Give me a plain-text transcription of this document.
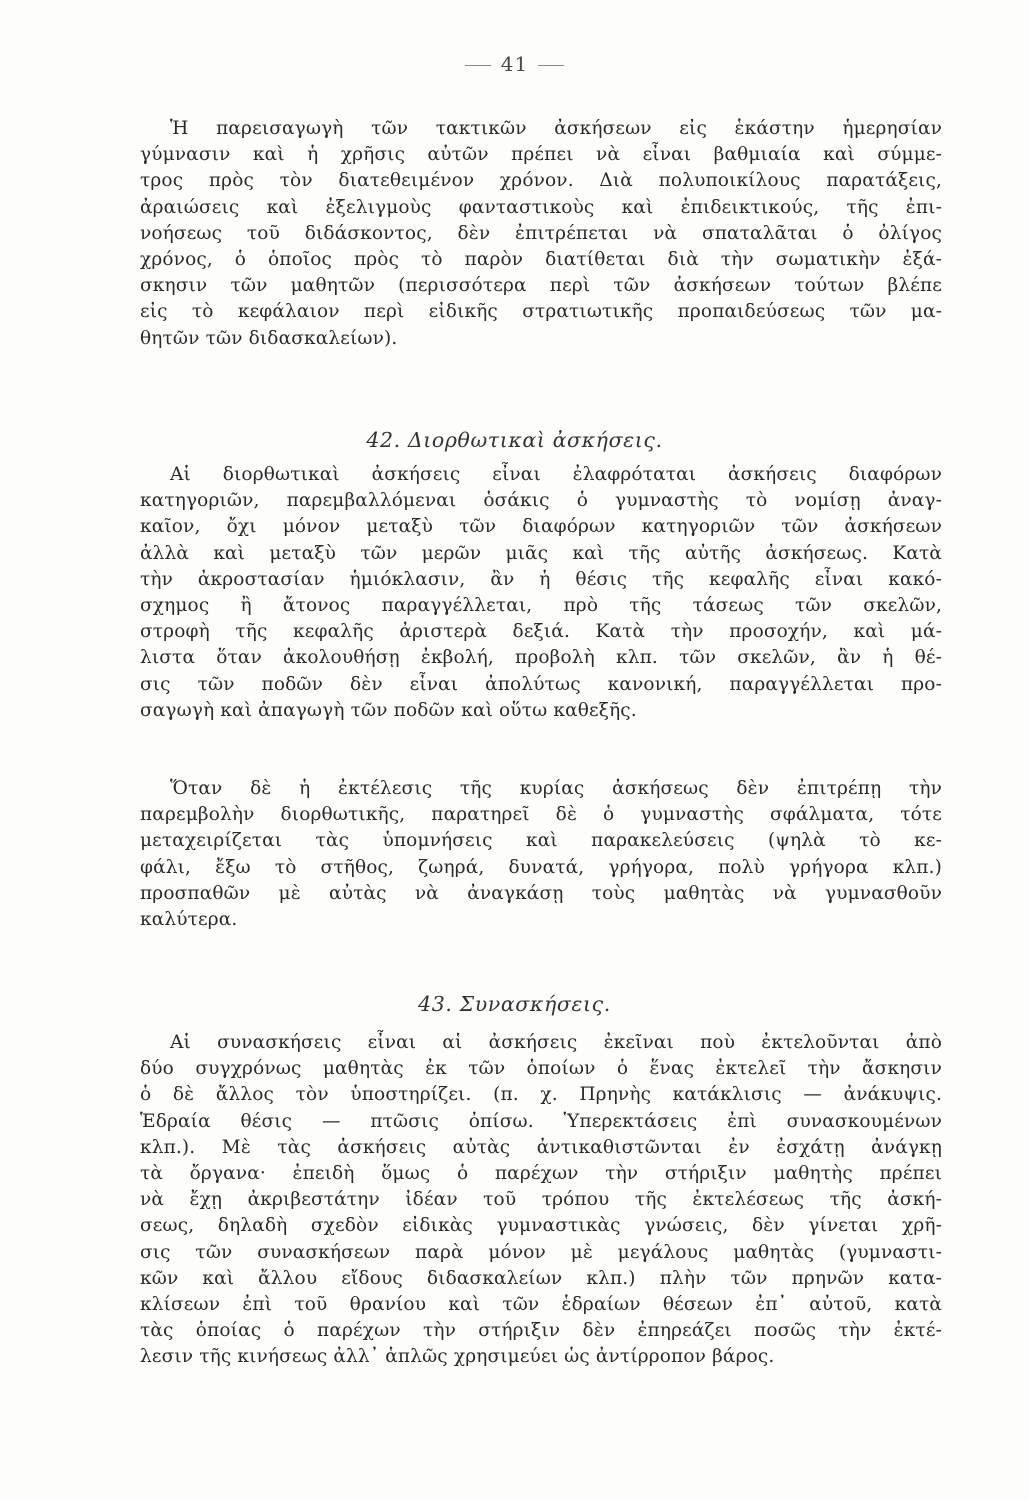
41

Ἡ παρεισαγωγὴ τῶν τακτικῶν ἀσκήσεων εἰς ἑκάστην ἡμερησίαν

γύμνασιν καὶ ἡ χρῆσις αὐτῶν πρέπει νὰ εἶναι βαθμιαία καὶ σύμμε-

τρος πρὸς τὸν διατεθειμένον χρόνον. Διὰ πολυποικίλους παρατάξεις,

ἀραιώσεις καὶ ἐξελιγμοὺς φανταστικοὺς καὶ ἐπιδεικτικούς, τῆς ἐπι-

νοήσεως τοῦ διδάσκοντος, δὲν ἐπιτρέπεται νὰ σπαταλᾶται ὁ ὀλίγος

χρόνος, ὁ ὁποῖος πρὸς τὸ παρὸν διατίθεται διὰ τὴν σωματικὴν ἐξά-

σκησιν τῶν μαθητῶν (περισσότερα περὶ τῶν ἀσκήσεων τούτων βλέπε

εἰς τὸ κεφάλαιον περὶ εἰδικῆς στρατιωτικῆς προπαιδεύσεως τῶν μα-

θητῶν τῶν διδασκαλείων).

42. Διορθωτικαὶ ἀσκήσεις.

Αἱ διορθωτικαὶ ἀσκήσεις εἶναι ἐλαφρόταται ἀσκήσεις διαφόρων

κατηγοριῶν, παρεμβαλλόμεναι ὁσάκις ὁ γυμναστὴς τὸ νομίσῃ ἀναγ-

καῖον, ὄχι μόνον μεταξὺ τῶν διαφόρων κατηγοριῶν τῶν ἀσκήσεων

ἀλλὰ καὶ μεταξὺ τῶν μερῶν μιᾶς καὶ τῆς αὐτῆς ἀσκήσεως. Κατὰ

τὴν ἀκροστασίαν ἡμιόκλασιν, ἂν ἡ θέσις τῆς κεφαλῆς εἶναι κακό-

σχημος ἢ ἄτονος παραγγέλλεται, πρὸ τῆς τάσεως τῶν σκελῶν,

στροφὴ τῆς κεφαλῆς ἀριστερὰ δεξιά. Κατὰ τὴν προσοχήν, καὶ μά-

λιστα ὅταν ἀκολουθήσῃ ἐκβολή, προβολὴ κλπ. τῶν σκελῶν, ἂν ἡ θέ-

σις τῶν ποδῶν δὲν εἶναι ἀπολύτως κανονική, παραγγέλλεται προ-

σαγωγὴ καὶ ἀπαγωγὴ τῶν ποδῶν καὶ οὕτω καθεξῆς.

Ὅταν δὲ ἡ ἐκτέλεσις τῆς κυρίας ἀσκήσεως δὲν ἐπιτρέπῃ τὴν

παρεμβολὴν διορθωτικῆς, παρατηρεῖ δὲ ὁ γυμναστὴς σφάλματα, τότε

μεταχειρίζεται τὰς ὑπομνήσεις καὶ παρακελεύσεις (ψηλὰ τὸ κε-

φάλι, ἔξω τὸ στῆθος, ζωηρά, δυνατά, γρήγορα, πολὺ γρήγορα κλπ.)

προσπαθῶν μὲ αὐτὰς νὰ ἀναγκάσῃ τοὺς μαθητὰς νὰ γυμνασθοῦν

καλύτερα.

43. Συνασκήσεις.

Αἱ συνασκήσεις εἶναι αἱ ἀσκήσεις ἐκεῖναι ποὺ ἐκτελοῦνται ἀπὸ

δύο συγχρόνως μαθητὰς ἐκ τῶν ὁποίων ὁ ἕνας ἐκτελεῖ τὴν ἄσκησιν

ὁ δὲ ἄλλος τὸν ὑποστηρίζει. (π. χ. Πρηνὴς κατάκλισις — ἀνάκυψις.

Ἑδραία θέσις — πτῶσις ὀπίσω. Ὑπερεκτάσεις ἐπὶ συνασκουμένων

κλπ.). Μὲ τὰς ἀσκήσεις αὐτὰς ἀντικαθιστῶνται ἐν ἐσχάτῃ ἀνάγκῃ

τὰ ὄργανα· ἐπειδὴ ὅμως ὁ παρέχων τὴν στήριξιν μαθητὴς πρέπει

νὰ ἔχῃ ἀκριβεστάτην ἰδέαν τοῦ τρόπου τῆς ἐκτελέσεως τῆς ἀσκή-

σεως, δηλαδὴ σχεδὸν εἰδικὰς γυμναστικὰς γνώσεις, δὲν γίνεται χρῆ-

σις τῶν συνασκήσεων παρὰ μόνον μὲ μεγάλους μαθητὰς (γυμναστι-

κῶν καὶ ἄλλου εἴδους διδασκαλείων κλπ.) πλὴν τῶν πρηνῶν κατα-

κλίσεων ἐπὶ τοῦ θρανίου καὶ τῶν ἑδραίων θέσεων ἐπ᾽ αὐτοῦ, κατὰ

τὰς ὁποίας ὁ παρέχων τὴν στήριξιν δὲν ἐπηρεάζει ποσῶς τὴν ἐκτέ-

λεσιν τῆς κινήσεως ἀλλ᾽ ἁπλῶς χρησιμεύει ὡς ἀντίρροπον βάρος.
